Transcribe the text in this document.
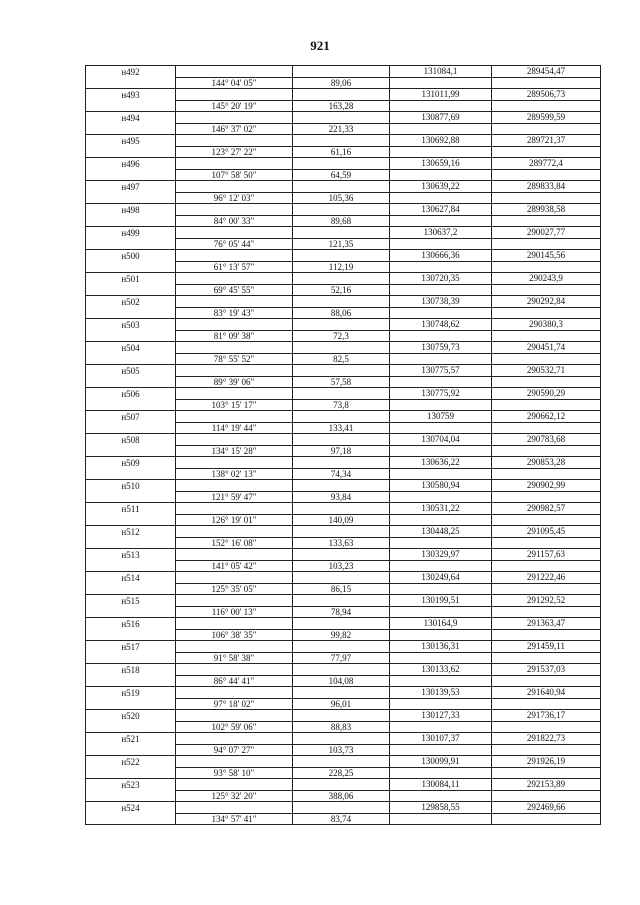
921
н492			131084,1	289454,47
	144° 04' 05"	89,06		
н493			131011,99	289506,73
	145° 20' 19"	163,28		
н494			130877,69	289599,59
	146° 37' 02"	221,33		
н495			130692,88	289721,37
	123° 27' 22"	61,16		
н496			130659,16	289772,4
	107° 58' 50"	64,59		
н497			130639,22	289833,84
	96° 12' 03"	105,36		
н498			130627,84	289938,58
	84° 00' 33"	89,68		
н499			130637,2	290027,77
	76° 05' 44"	121,35		
н500			130666,36	290145,56
	61° 13' 57"	112,19		
н501			130720,35	290243,9
	69° 45' 55"	52,16		
н502			130738,39	290292,84
	83° 19' 43"	88,06		
н503			130748,62	290380,3
	81° 09' 38"	72,3		
н504			130759,73	290451,74
	78° 55' 52"	82,5		
н505			130775,57	290532,71
	89° 39' 06"	57,58		
н506			130775,92	290590,29
	103° 15' 17"	73,8		
н507			130759	290662,12
	114° 19' 44"	133,41		
н508			130704,04	290783,68
	134° 15' 28"	97,18		
н509			130636,22	290853,28
	138° 02' 13"	74,34		
н510			130580,94	290902,99
	121° 59' 47"	93,84		
н511			130531,22	290982,57
	126° 19' 01"	140,09		
н512			130448,25	291095,45
	152° 16' 08"	133,63		
н513			130329,97	291157,63
	141° 05' 42"	103,23		
н514			130249,64	291222,46
	125° 35' 05"	86,15		
н515			130199,51	291292,52
	116° 00' 13"	78,94		
н516			130164,9	291363,47
	106° 38' 35"	99,82		
н517			130136,31	291459,11
	91° 58' 38"	77,97		
н518			130133,62	291537,03
	86° 44' 41"	104,08		
н519			130139,53	291640,94
	97° 18' 02"	96,01		
н520			130127,33	291736,17
	102° 59' 06"	88,83		
н521			130107,37	291822,73
	94° 07' 27"	103,73		
н522			130099,91	291926,19
	93° 58' 10"	228,25		
н523			130084,11	292153,89
	125° 32' 20"	388,06		
н524			129858,55	292469,66
	134° 57' 41"	83,74		
